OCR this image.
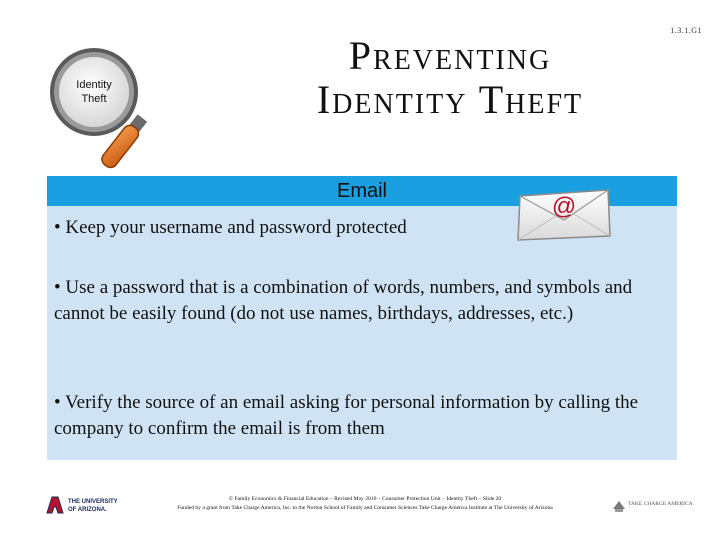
1.3.1.G1
Identity Theft
Preventing
Identity Theft
Email
@
• Keep your username and password protected
• Use a password that is a combination of words, numbers, and symbols and cannot be easily found (do not use names, birthdays, addresses, etc.)
• Verify the source of an email asking for personal information by calling the company to confirm the email is from them
THE UNIVERSITY
OF ARIZONA.
© Family Economics & Financial Education – Revised May 2010 – Consumer Protection Unit – Identity Theft – Slide 20
Funded by a grant from Take Charge America, Inc. to the Norton School of Family and Consumer Sciences Take Charge America Institute at The University of Arizona
TAKE CHARGE AMERICA
